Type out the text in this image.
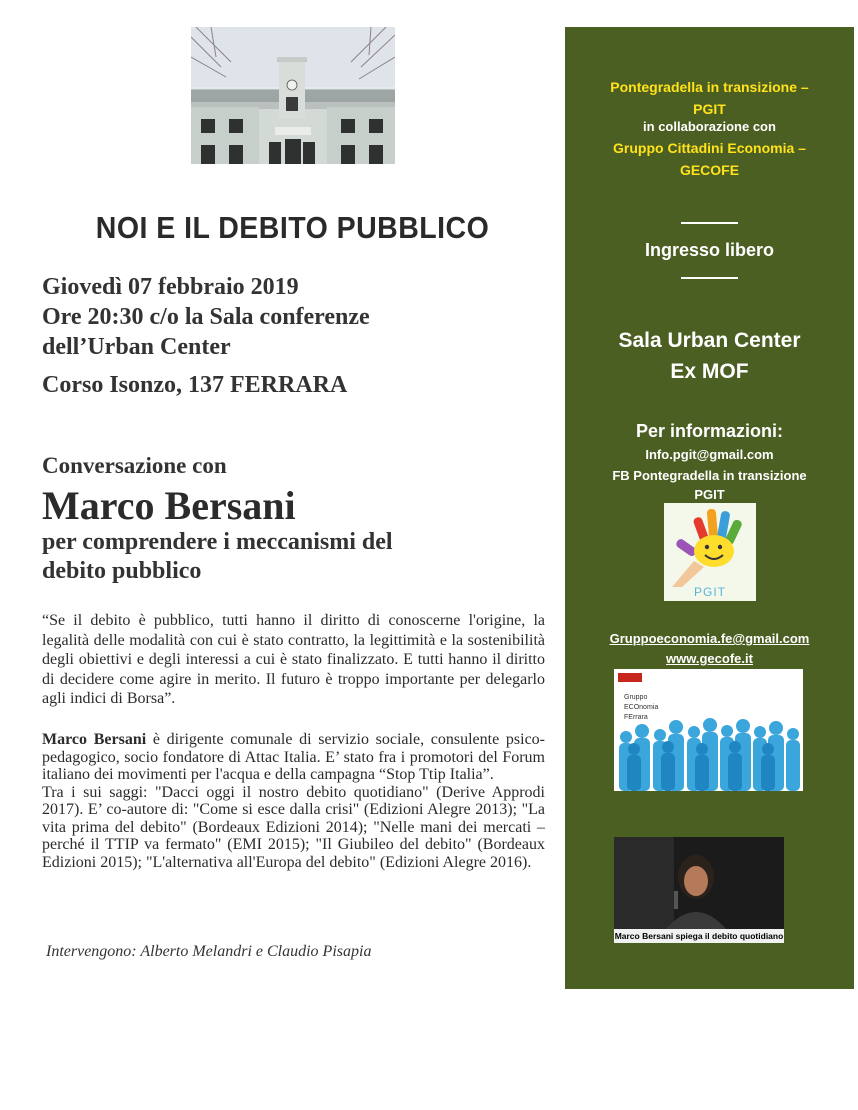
NOI E IL DEBITO PUBBLICO
Giovedì 07 febbraio 2019
Ore 20:30 c/o la Sala conferenze
dell’Urban Center
Corso Isonzo, 137 FERRARA
Conversazione con
Marco Bersani
per comprendere i meccanismi del
debito pubblico
“Se il debito è pubblico, tutti hanno il diritto di conoscerne l'origine, la legalità delle modalità con cui è stato contratto, la legittimità e la sostenibilità degli obiettivi e degli interessi a cui è stato finalizzato. E tutti hanno il diritto di decidere come agire in merito. Il futuro è troppo importante per delegarlo agli indici di Borsa”.

Marco Bersani è dirigente comunale di servizio sociale, consulente psico-pedagogico, socio fondatore di Attac Italia. E’ stato fra i promotori del Forum italiano dei movimenti per l'acqua e della campagna “Stop Ttip Italia”.

Tra i sui saggi: "Dacci oggi il nostro debito quotidiano" (Derive Approdi 2017). E’ co-autore di: "Come si esce dalla crisi" (Edizioni Alegre 2013); "La vita prima del debito" (Bordeaux Edizioni 2014); "Nelle mani dei mercati – perché il TTIP va fermato" (EMI 2015); "Il Giubileo del debito" (Bordeaux Edizioni 2015); "L'alternativa all'Europa del debito" (Edizioni Alegre 2016).

Intervengono: Alberto Melandri e Claudio Pisapia
Pontegradella in transizione –
PGIT
in collaborazione con
Gruppo Cittadini Economia –
GECOFE
Ingresso libero
Sala Urban Center
Ex MOF
Per informazioni:
Info.pgit@gmail.com
FB Pontegradella in transizione
PGIT
PGIT
Gruppoeconomia.fe@gmail.com
www.gecofe.it
Gruppo
ECOnomia
FErrara
Marco Bersani spiega il debito quotidiano
